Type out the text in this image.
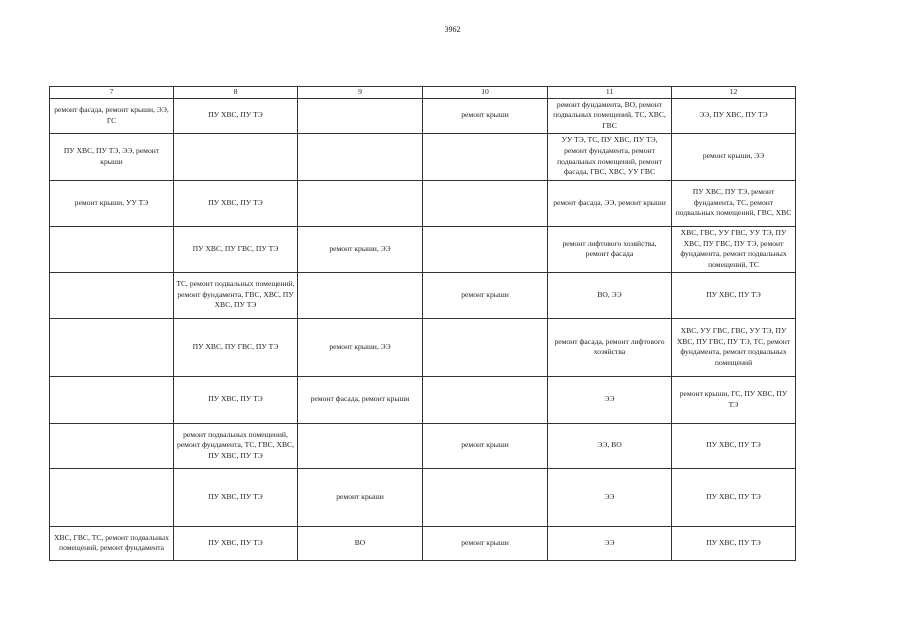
3962
7	8	9	10	11	12
ремонт фасада, ремонт крыши, ЭЭ, ГС	ПУ ХВС, ПУ ТЭ		ремонт крыши	ремонт фундамента, ВО, ремонт подвальных помещений, ТС, ХВС, ГВС	ЭЭ, ПУ ХВС, ПУ ТЭ
ПУ ХВС, ПУ ТЭ, ЭЭ, ремонт крыши				УУ ТЭ, ТС, ПУ ХВС, ПУ ТЭ, ремонт фундамента, ремонт подвальных помещений, ремонт фасада, ГВС, ХВС, УУ ГВС	ремонт крыши, ЭЭ
ремонт крыши, УУ ТЭ	ПУ ХВС, ПУ ТЭ			ремонт фасада, ЭЭ, ремонт крыши	ПУ ХВС, ПУ ТЭ, ремонт фундамента, ТС, ремонт подвальных помещений, ГВС, ХВС
	ПУ ХВС, ПУ ГВС, ПУ ТЭ	ремонт крыши, ЭЭ		ремонт лифтового хозяйства, ремонт фасада	ХВС, ГВС, УУ ГВС, УУ ТЭ, ПУ ХВС, ПУ ГВС, ПУ ТЭ, ремонт фундамента, ремонт подвальных помещений, ТС
	ТС, ремонт подвальных помещений, ремонт фундамента, ГВС, ХВС, ПУ ХВС, ПУ ТЭ		ремонт крыши	ВО, ЭЭ	ПУ ХВС, ПУ ТЭ
	ПУ ХВС, ПУ ГВС, ПУ ТЭ	ремонт крыши, ЭЭ		ремонт фасада, ремонт лифтового хозяйства	ХВС, УУ ГВС, ГВС, УУ ТЭ, ПУ ХВС, ПУ ГВС, ПУ ТЭ, ТС, ремонт фундамента, ремонт подвальных помещений
	ПУ ХВС, ПУ ТЭ	ремонт фасада, ремонт крыши		ЭЭ	ремонт крыши, ГС, ПУ ХВС, ПУ ТЭ
	ремонт подвальных помещений, ремонт фундамента, ТС, ГВС, ХВС, ПУ ХВС, ПУ ТЭ		ремонт крыши	ЭЭ, ВО	ПУ ХВС, ПУ ТЭ
	ПУ ХВС, ПУ ТЭ	ремонт крыши		ЭЭ	ПУ ХВС, ПУ ТЭ
ХВС, ГВС, ТС, ремонт подвальных помещений, ремонт фундамента	ПУ ХВС, ПУ ТЭ	ВО	ремонт крыши	ЭЭ	ПУ ХВС, ПУ ТЭ
